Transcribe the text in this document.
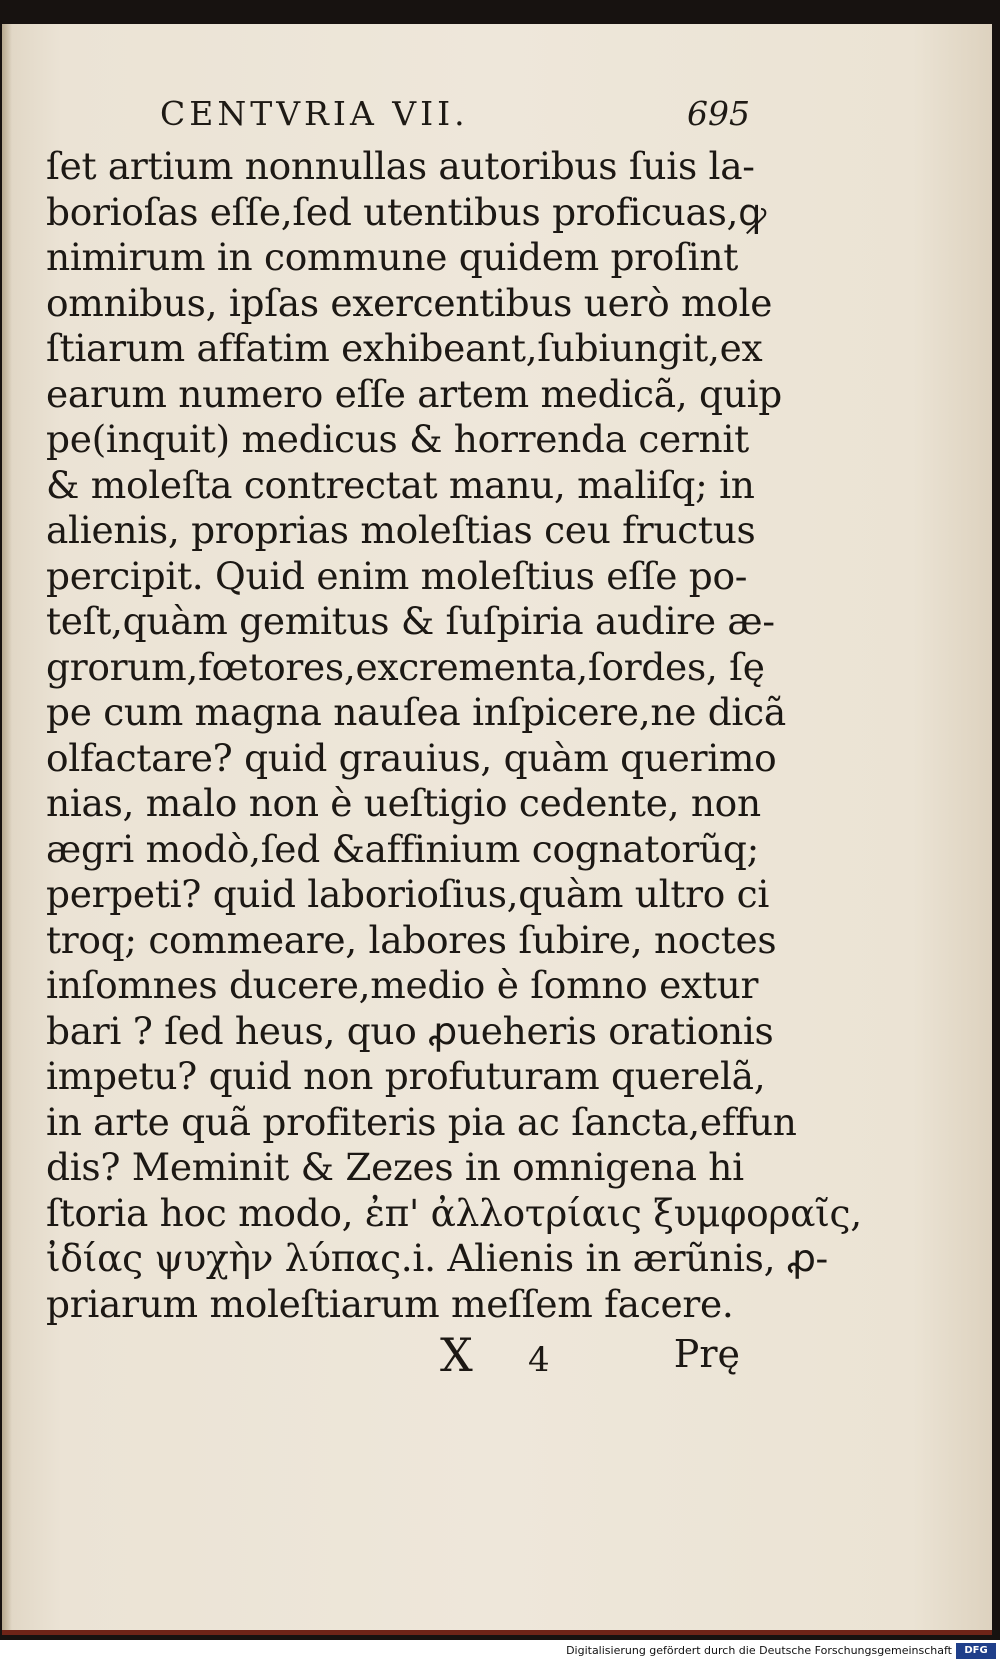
CENTVRIA VII.	695
ſet artium nonnullas autoribus ſuis la-
borioſas eſſe,ſed utentibus proficuas,ꝙ
nimirum in commune quidem proſint
omnibus, ipſas exercentibus uerò mole
ſtiarum affatim exhibeant,ſubiungit,ex
earum numero eſſe artem medicã, quip
pe(inquit) medicus & horrenda cernit
& moleſta contrectat manu, maliſq; in
alienis, proprias moleſtias ceu fructus
percipit. Quid enim moleſtius eſſe po-
teſt,quàm gemitus & ſuſpiria audire æ-
grorum,fœtores,excrementa,ſordes, ſę
pe cum magna nauſea inſpicere,ne dicã
olfactare? quid grauius, quàm querimo
nias, malo non è ueſtigio cedente, non
ægri modò,ſed &affinium cognatorũq;
perpeti? quid laborioſius,quàm ultro ci
troq; commeare, labores ſubire, noctes
inſomnes ducere,medio è ſomno extur
bari ? ſed heus, quo ꝓueheris orationis
impetu? quid non profuturam querelã,
in arte quã profiteris pia ac ſancta,effun
dis? Meminit & Zezes in omnigena hi
ſtoria hoc modo, ἐπ' ἀλλοτρίαις ξυμφοραῖς,
ἰδίας ψυχὴν λύπας.i. Alienis in ærũnis, ꝓ-
priarum moleſtiarum meſſem facere.
X 4	Prę
Digitalisierung gefördert durch die Deutsche Forschungsgemeinschaft	DFG
